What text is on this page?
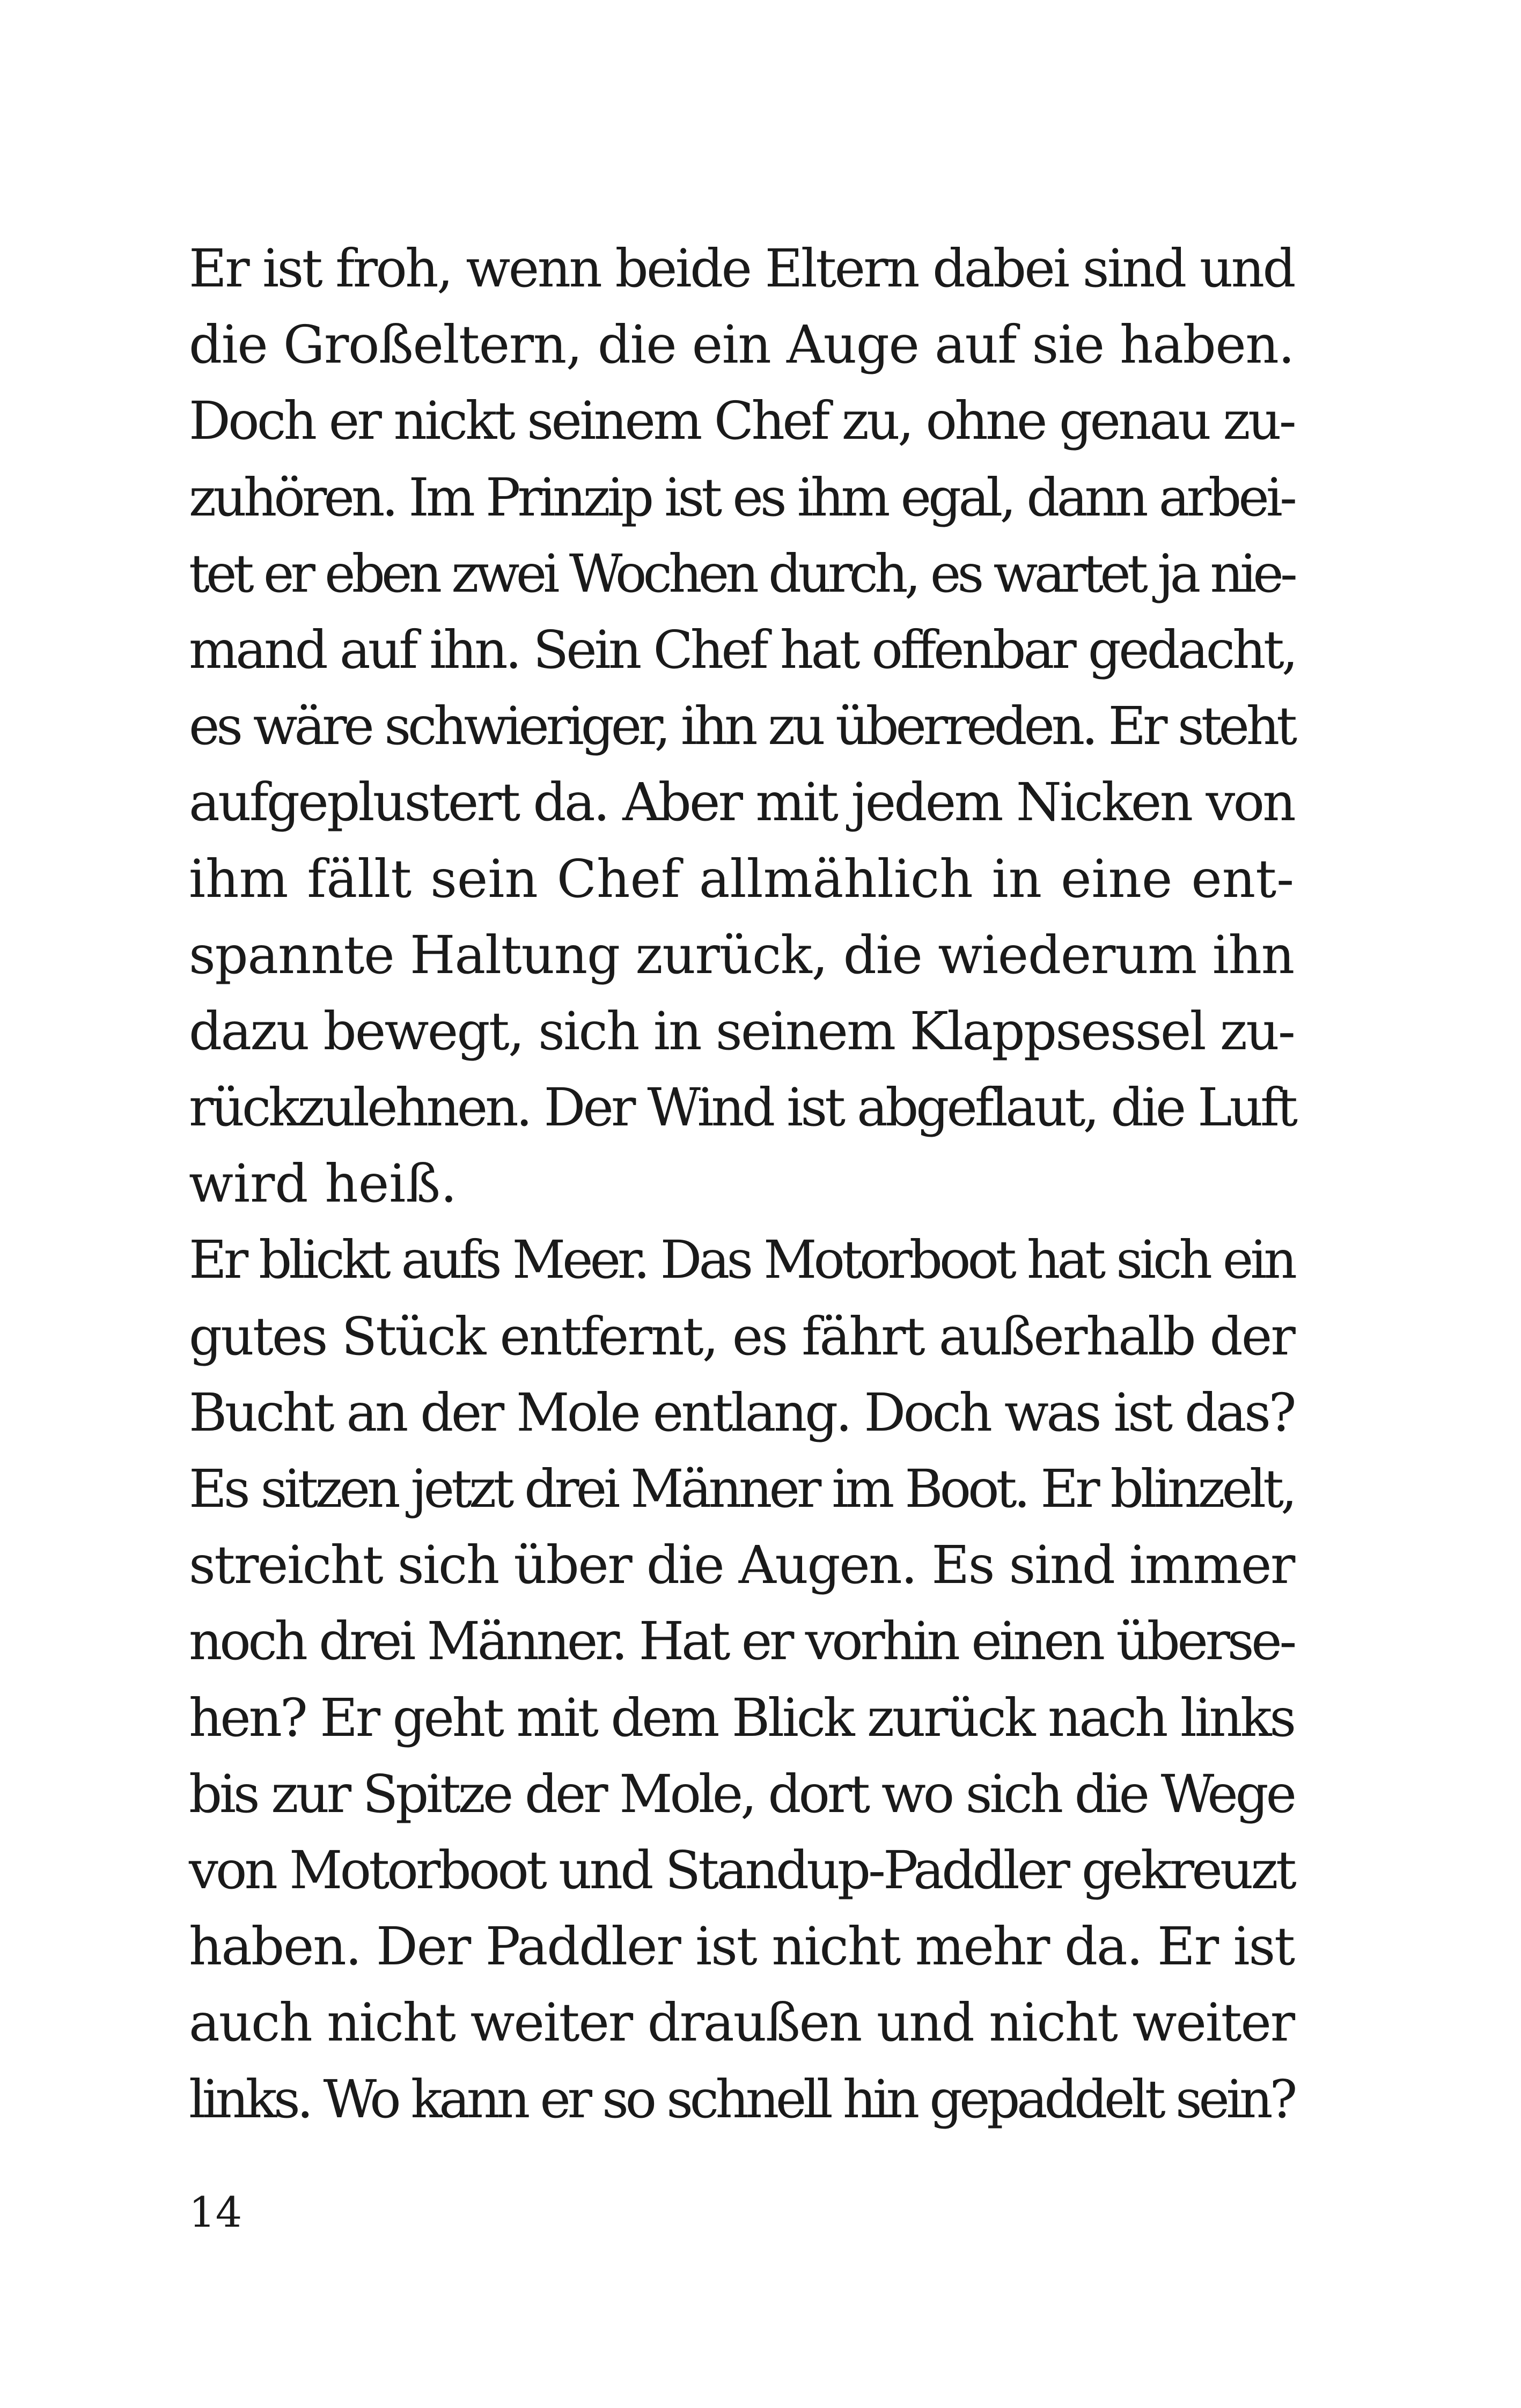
Er ist froh, wenn beide Eltern dabei sind und
die Großeltern, die ein Auge auf sie haben.
Doch er nickt seinem Chef zu, ohne genau zu-
zuhören. Im Prinzip ist es ihm egal, dann arbei-
tet er eben zwei Wochen durch, es wartet ja nie-
mand auf ihn. Sein Chef hat offenbar gedacht,
es wäre schwieriger, ihn zu überreden. Er steht
aufgeplustert da. Aber mit jedem Nicken von
ihm fällt sein Chef allmählich in eine ent-
spannte Haltung zurück, die wiederum ihn
dazu bewegt, sich in seinem Klappsessel zu-
rückzulehnen. Der Wind ist abgeflaut, die Luft
wird heiß.
Er blickt aufs Meer. Das Motorboot hat sich ein
gutes Stück entfernt, es fährt außerhalb der
Bucht an der Mole entlang. Doch was ist das?
Es sitzen jetzt drei Männer im Boot. Er blinzelt,
streicht sich über die Augen. Es sind immer
noch drei Männer. Hat er vorhin einen überse-
hen? Er geht mit dem Blick zurück nach links
bis zur Spitze der Mole, dort wo sich die Wege
von Motorboot und Standup-Paddler gekreuzt
haben. Der Paddler ist nicht mehr da. Er ist
auch nicht weiter draußen und nicht weiter
links. Wo kann er so schnell hin gepaddelt sein?
14
